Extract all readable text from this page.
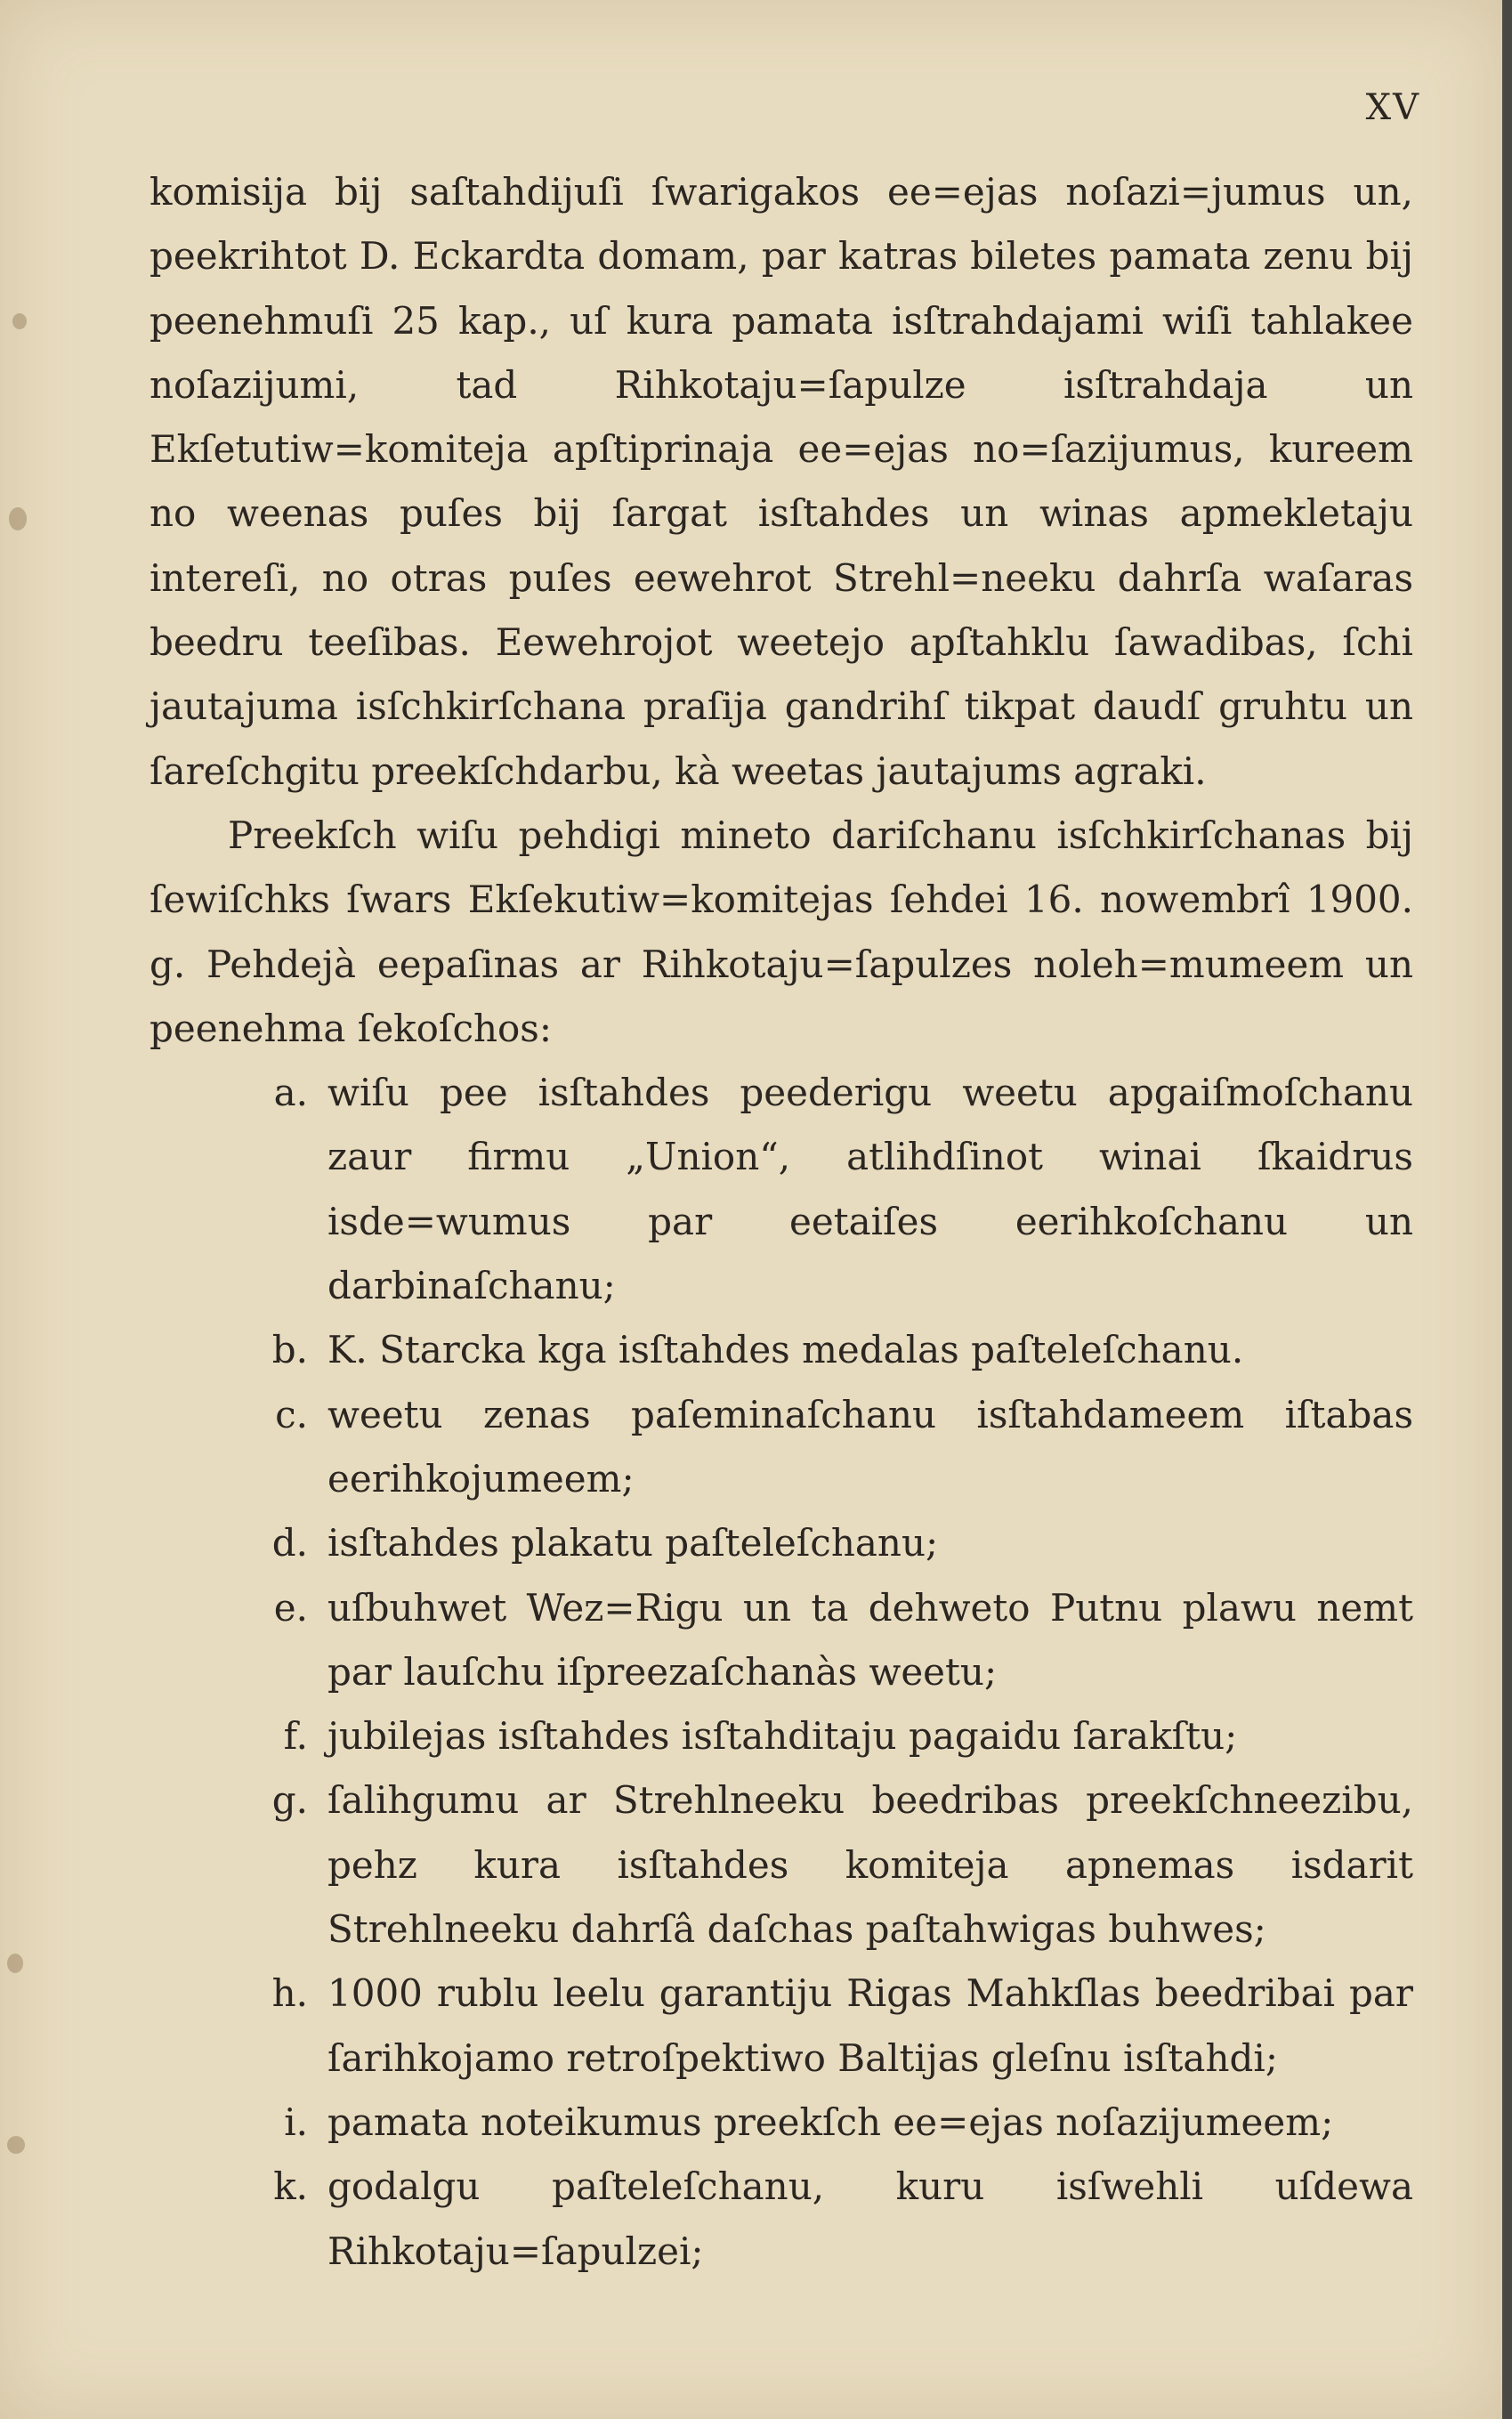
XV

komisija bij saſtahdijuſi ſwarigakos ee=ejas noſazi=jumus un, peekrihtot D. Eckardta domam, par katras biletes pamata zenu bij peenehmuſi 25 kap., uſ kura pamata isſtrahdajami wiſi tahlakee noſazijumi, tad Rihkotaju=ſapulze isſtrahdaja un Ekſetutiw=komiteja apſtiprinaja ee=ejas no=ſazijumus, kureem no weenas puſes bij ſargat isſtahdes un winas apmekletaju intereſi, no otras puſes eewehrot Strehl=neeku dahrſa waſaras beedru teeſibas. Eewehrojot weetejo apſtahklu ſawadibas, ſchi jautajuma isſchkirſchana praſija gandrihſ tikpat daudſ gruhtu un ſareſchgitu preekſchdarbu, kà weetas jautajums agraki.

Preekſch wiſu pehdigi mineto dariſchanu isſchkirſchanas bij ſewiſchks ſwars Ekſekutiw=komitejas ſehdei 16. nowembrî 1900. g. Pehdejà eepaſinas ar Rihkotaju=ſapulzes noleh=mumeem un peenehma ſekoſchos:

a. wiſu pee isſtahdes peederigu weetu apgaiſmoſchanu zaur firmu „Union“, atlihdſinot winai ſkaidrus isde=wumus par eetaiſes eerihkoſchanu un darbinaſchanu;
b. K. Starcka kga isſtahdes medalas paſteleſchanu.
c. weetu zenas paſeminaſchanu isſtahdameem iſtabas eerihkojumeem;
d. isſtahdes plakatu paſteleſchanu;
e. uſbuhwet Wez=Rigu un ta dehweto Putnu plawu nemt par lauſchu iſpreezaſchanàs weetu;
f. jubilejas isſtahdes isſtahditaju pagaidu ſarakſtu;
g. ſalihgumu ar Strehlneeku beedribas preekſchneezibu, pehz kura isſtahdes komiteja apnemas isdarit Strehlneeku dahrſâ daſchas paſtahwigas buhwes;
h. 1000 rublu leelu garantiju Rigas Mahkſlas beedribai par ſarihkojamo retroſpektiwo Baltijas gleſnu isſtahdi;
i. pamata noteikumus preekſch ee=ejas noſazijumeem;
k. godalgu paſteleſchanu, kuru isſwehli uſdewa Rihkotaju=ſapulzei;
